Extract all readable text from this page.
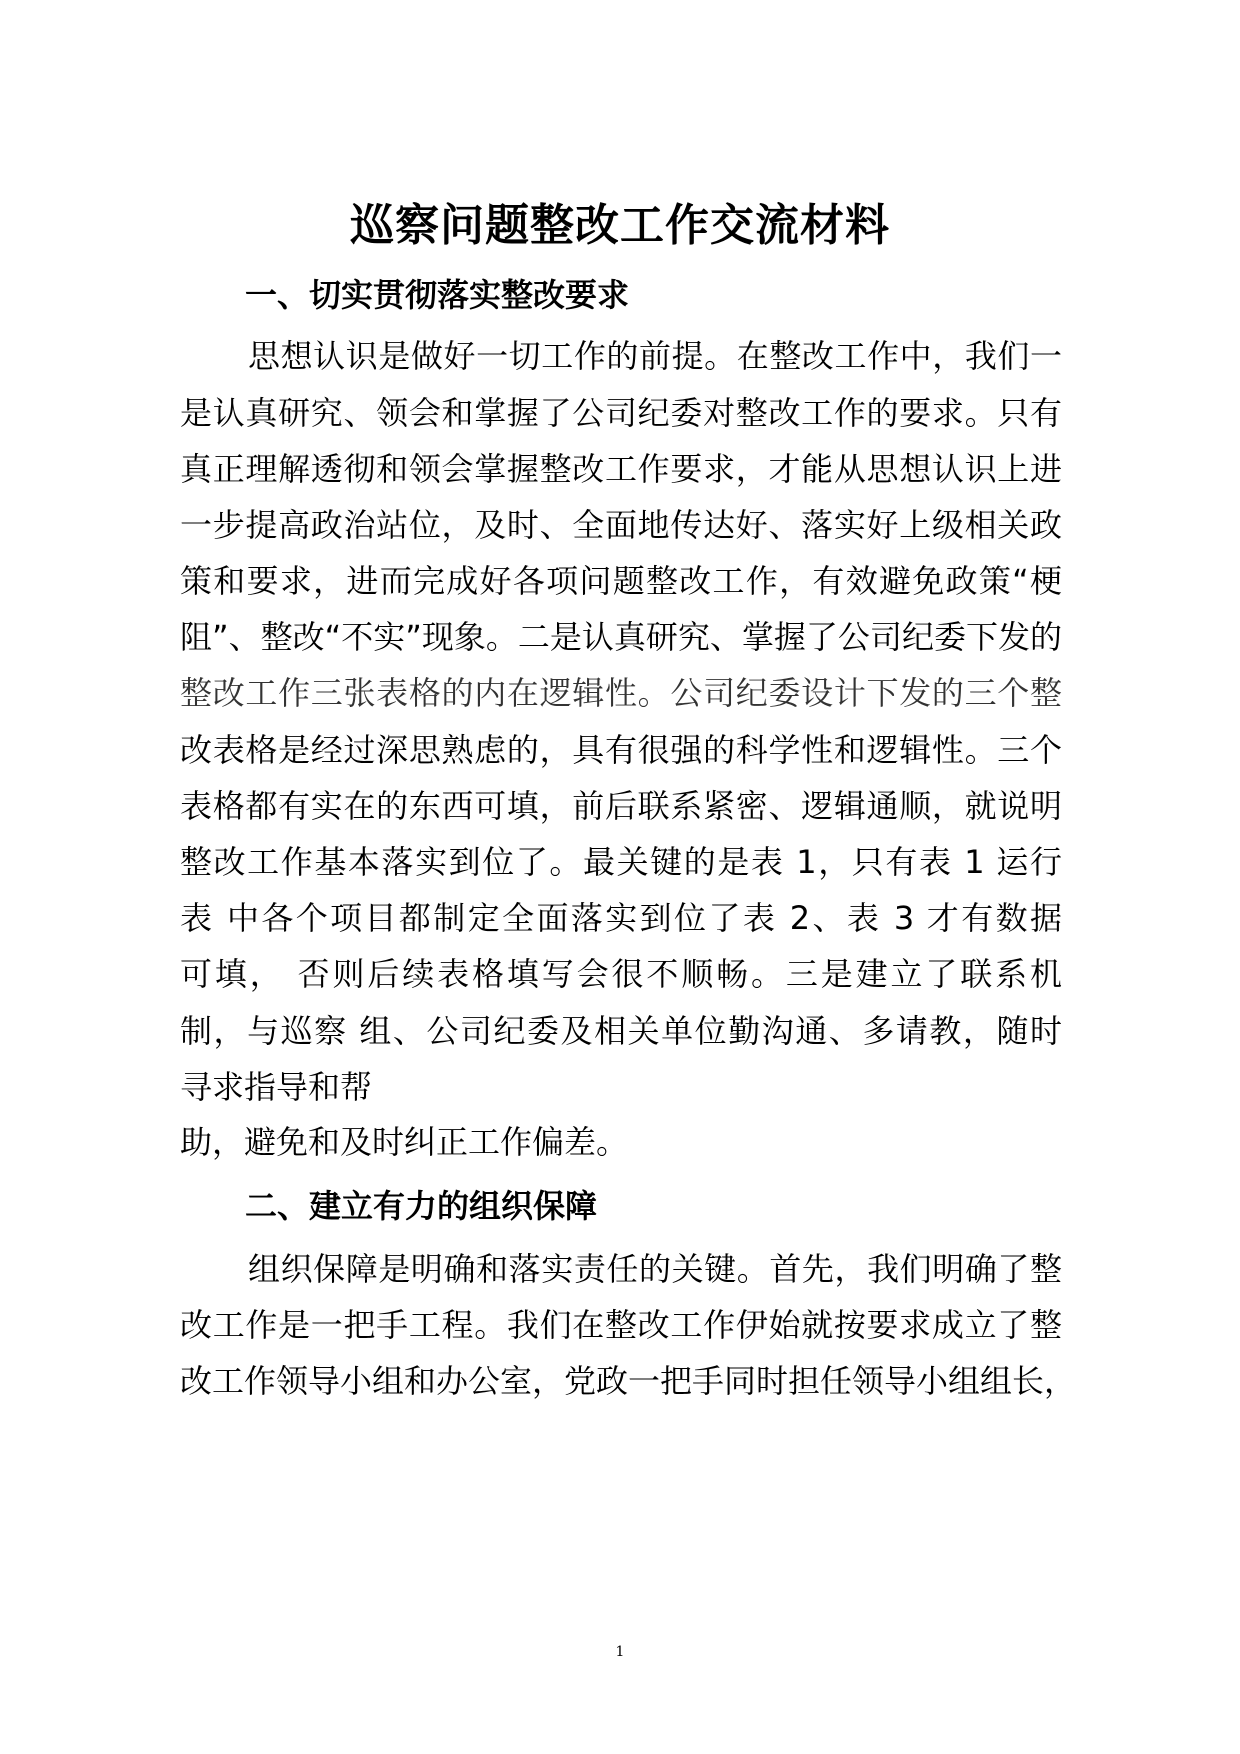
巡察问题整改工作交流材料
一、切实贯彻落实整改要求
思想认识是做好一切工作的前提。在整改工作中，我们一
是认真研究、领会和掌握了公司纪委对整改工作的要求。只有
真正理解透彻和领会掌握整改工作要求，才能从思想认识上进
一步提高政治站位，及时、全面地传达好、落实好上级相关政
策和要求，进而完成好各项问题整改工作，有效避免政策“梗
阻”、整改“不实”现象。二是认真研究、掌握了公司纪委下发的
整改工作三张表格的内在逻辑性。公司纪委设计下发的三个整
改表格是经过深思熟虑的，具有很强的科学性和逻辑性。三个
表格都有实在的东西可填，前后联系紧密、逻辑通顺，就说明
整改工作基本落实到位了。最关键的是表 1，只有表 1 运行
表 中各个项目都制定全面落实到位了表 2、表 3 才有数据
可填， 否则后续表格填写会很不顺畅。三是建立了联系机
制，与巡察 组、公司纪委及相关单位勤沟通、多请教，随时
寻求指导和帮
助，避免和及时纠正工作偏差。
二、建立有力的组织保障
组织保障是明确和落实责任的关键。首先，我们明确了整
改工作是一把手工程。我们在整改工作伊始就按要求成立了整
改工作领导小组和办公室，党政一把手同时担任领导小组组长，
1
